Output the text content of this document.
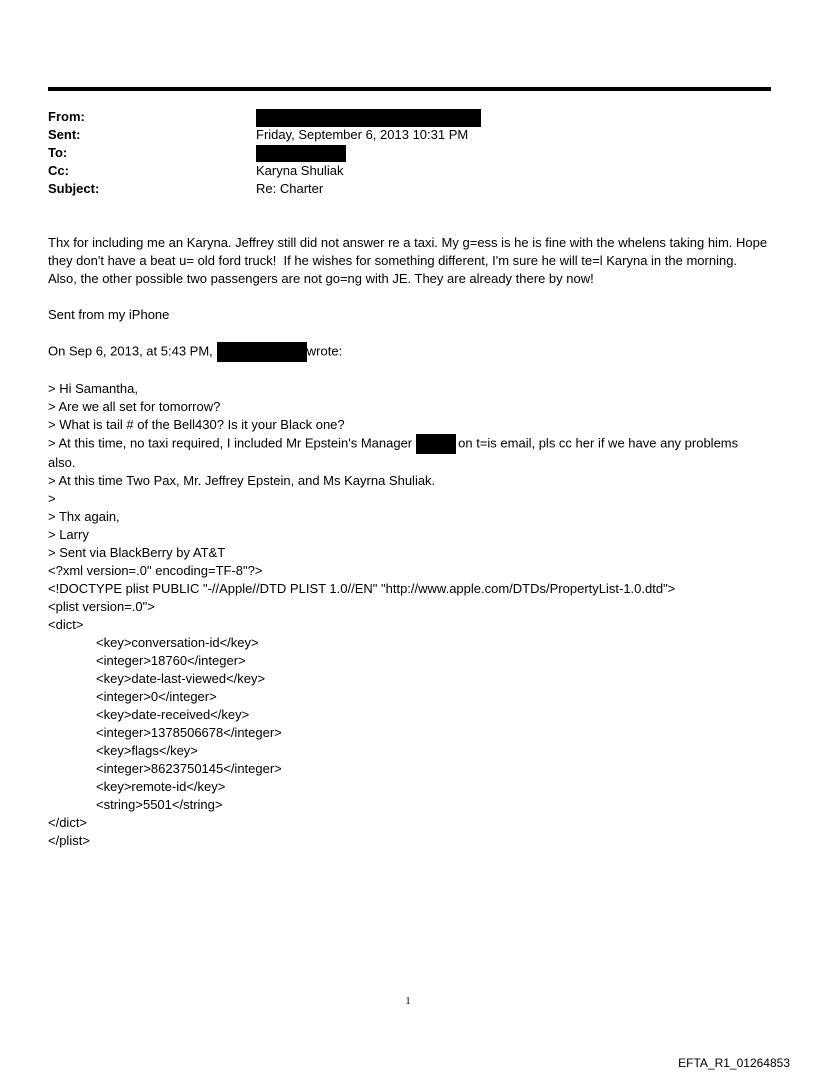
From:
Sent:	Friday, September 6, 2013 10:31 PM
To:
Cc:	Karyna Shuliak
Subject:	Re: Charter

Thx for including me an Karyna. Jeffrey still did not answer re a taxi. My g=ess is he is fine with the whelens taking him. Hope they don't have a beat u= old ford truck!  If he wishes for something different, I'm sure he will te=l Karyna in the morning. Also, the other possible two passengers are not go=ng with JE. They are already there by now!

Sent from my iPhone
On Sep 6, 2013, at 5:43 PM,	wrote:
> Hi Samantha,
> Are we all set for tomorrow?
> What is tail # of the Bell430? Is it your Black one?
> At this time, no taxi required, I included Mr Epstein's Manager	on t=is email, pls cc her if we have any problems
also.
> At this time Two Pax, Mr. Jeffrey Epstein, and Ms Kayrna Shuliak.
>
> Thx again,
> Larry
> Sent via BlackBerry by AT&T
<?xml version=.0" encoding=TF-8"?>
<!DOCTYPE plist PUBLIC "-//Apple//DTD PLIST 1.0//EN" "http://www.apple.com/DTDs/PropertyList-1.0.dtd">
<plist version=.0">
<dict>
<key>conversation-id</key>
<integer>18760</integer>
<key>date-last-viewed</key>
<integer>0</integer>
<key>date-received</key>
<integer>1378506678</integer>
<key>flags</key>
<integer>8623750145</integer>
<key>remote-id</key>
<string>5501</string>
</dict>
</plist>
1
EFTA_R1_01264853
